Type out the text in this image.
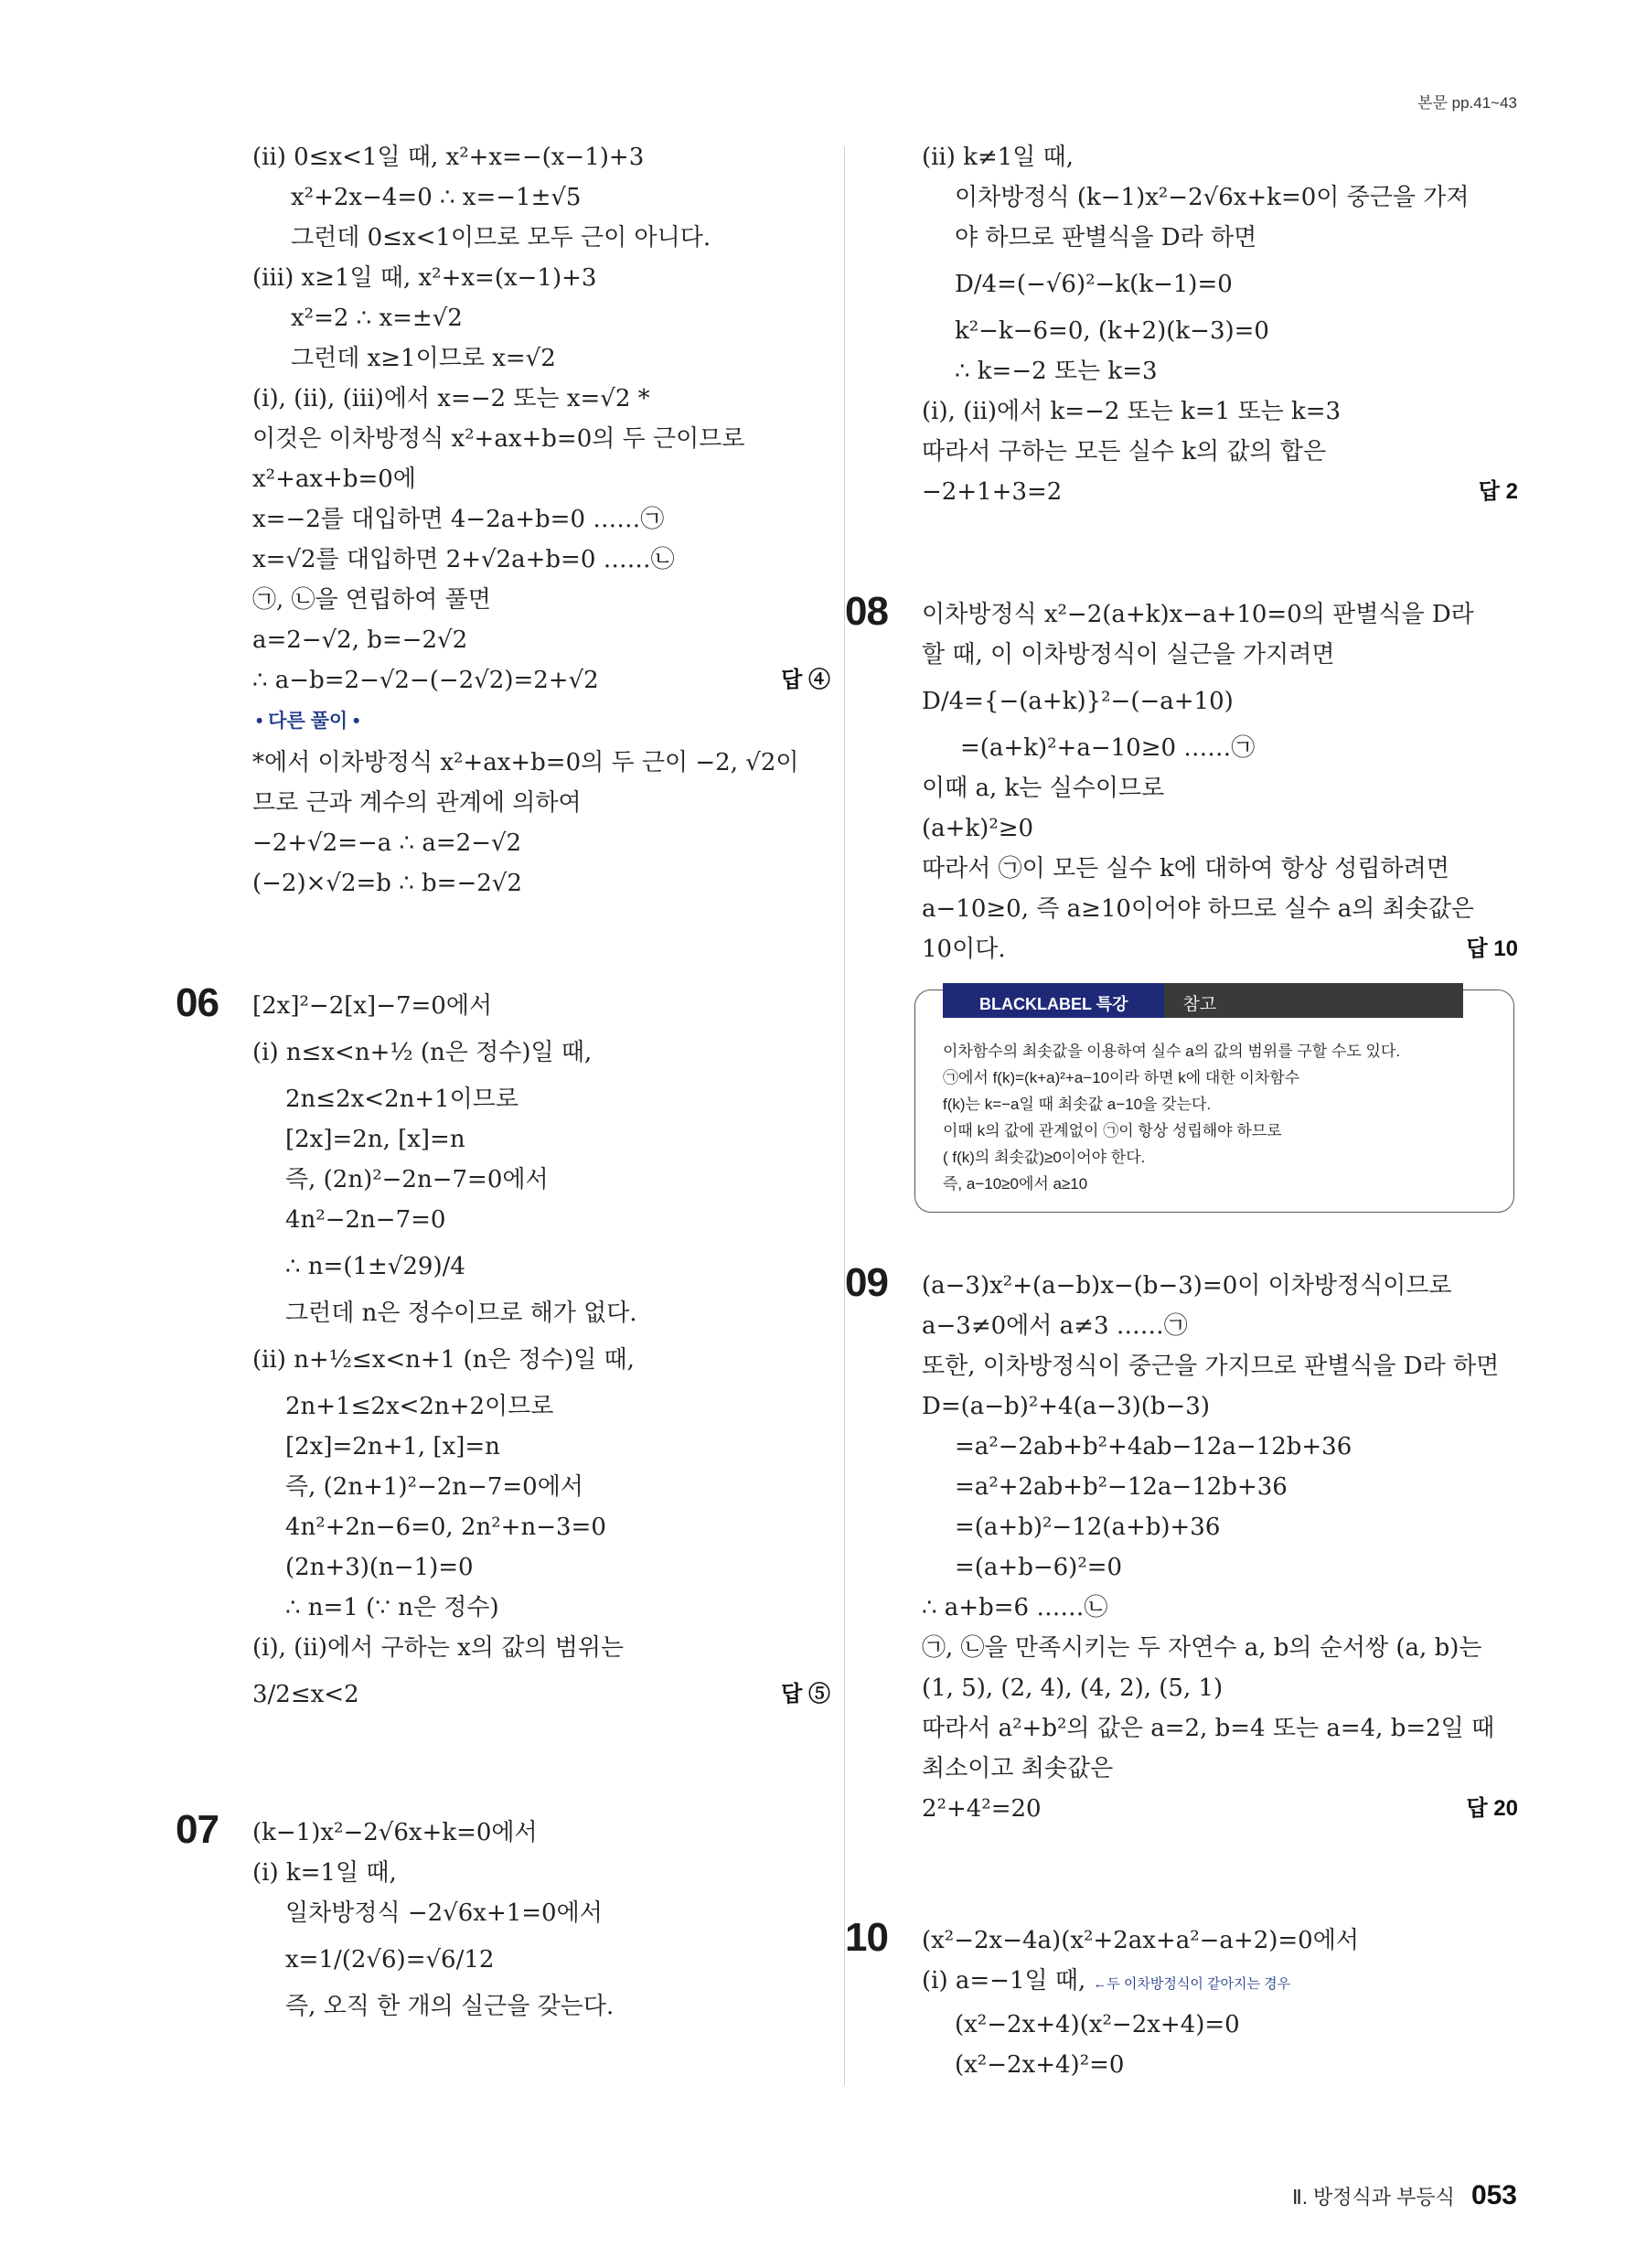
본문 pp.41~43
(ⅱ) 0≤x<1일 때, x²+x=−(x−1)+3
x²+2x−4=0 ∴ x=−1±√5
그런데 0≤x<1이므로 모두 근이 아니다.
(ⅲ) x≥1일 때, x²+x=(x−1)+3
x²=2 ∴ x=±√2
그런데 x≥1이므로 x=√2
(ⅰ), (ⅱ), (ⅲ)에서 x=−2 또는 x=√2 *
이것은 이차방정식 x²+ax+b=0의 두 근이므로
x²+ax+b=0에
x=−2를 대입하면 4−2a+b=0 ……㉠
x=√2를 대입하면 2+√2a+b=0 ……㉡
㉠, ㉡을 연립하여 풀면
a=2−√2, b=−2√2
∴ a−b=2−√2−(−2√2)=2+√2	답 ④
• 다른 풀이 •
*에서 이차방정식 x²+ax+b=0의 두 근이 −2, √2이
므로 근과 계수의 관계에 의하여
−2+√2=−a ∴ a=2−√2
(−2)×√2=b ∴ b=−2√2
06	[2x]²−2[x]−7=0에서
(ⅰ) n≤x<n+½ (n은 정수)일 때,
2n≤2x<2n+1이므로
[2x]=2n, [x]=n
즉, (2n)²−2n−7=0에서
4n²−2n−7=0
∴ n=(1±√29)/4
그런데 n은 정수이므로 해가 없다.
(ⅱ) n+½≤x<n+1 (n은 정수)일 때,
2n+1≤2x<2n+2이므로
[2x]=2n+1, [x]=n
즉, (2n+1)²−2n−7=0에서
4n²+2n−6=0, 2n²+n−3=0
(2n+3)(n−1)=0
∴ n=1 (∵ n은 정수)
(ⅰ), (ⅱ)에서 구하는 x의 값의 범위는
3/2≤x<2	답 ⑤
07	(k−1)x²−2√6x+k=0에서
(ⅰ) k=1일 때,
일차방정식 −2√6x+1=0에서
x=1/(2√6)=√6/12
즉, 오직 한 개의 실근을 갖는다.
(ⅱ) k≠1일 때,
이차방정식 (k−1)x²−2√6x+k=0이 중근을 가져
야 하므로 판별식을 D라 하면
D/4=(−√6)²−k(k−1)=0
k²−k−6=0, (k+2)(k−3)=0
∴ k=−2 또는 k=3
(ⅰ), (ⅱ)에서 k=−2 또는 k=1 또는 k=3
따라서 구하는 모든 실수 k의 값의 합은
−2+1+3=2	답 2
08	이차방정식 x²−2(a+k)x−a+10=0의 판별식을 D라
할 때, 이 이차방정식이 실근을 가지려면
D/4={−(a+k)}²−(−a+10)
=(a+k)²+a−10≥0 ……㉠
이때 a, k는 실수이므로
(a+k)²≥0
따라서 ㉠이 모든 실수 k에 대하여 항상 성립하려면
a−10≥0, 즉 a≥10이어야 하므로 실수 a의 최솟값은
10이다.	답 10
BLACKLABEL 특강	참고
이차함수의 최솟값을 이용하여 실수 a의 값의 범위를 구할 수도 있다.
㉠에서 f(k)=(k+a)²+a−10이라 하면 k에 대한 이차함수
f(k)는 k=−a일 때 최솟값 a−10을 갖는다.
이때 k의 값에 관계없이 ㉠이 항상 성립해야 하므로
( f(k)의 최솟값)≥0이어야 한다.
즉, a−10≥0에서 a≥10
09	(a−3)x²+(a−b)x−(b−3)=0이 이차방정식이므로
a−3≠0에서 a≠3 ……㉠
또한, 이차방정식이 중근을 가지므로 판별식을 D라 하면
D=(a−b)²+4(a−3)(b−3)
=a²−2ab+b²+4ab−12a−12b+36
=a²+2ab+b²−12a−12b+36
=(a+b)²−12(a+b)+36
=(a+b−6)²=0
∴ a+b=6 ……㉡
㉠, ㉡을 만족시키는 두 자연수 a, b의 순서쌍 (a, b)는
(1, 5), (2, 4), (4, 2), (5, 1)
따라서 a²+b²의 값은 a=2, b=4 또는 a=4, b=2일 때
최소이고 최솟값은
2²+4²=20	답 20
10	(x²−2x−4a)(x²+2ax+a²−a+2)=0에서
(ⅰ) a=−1일 때, ←두 이차방정식이 같아지는 경우
(x²−2x+4)(x²−2x+4)=0
(x²−2x+4)²=0
Ⅱ. 방정식과 부등식 053
